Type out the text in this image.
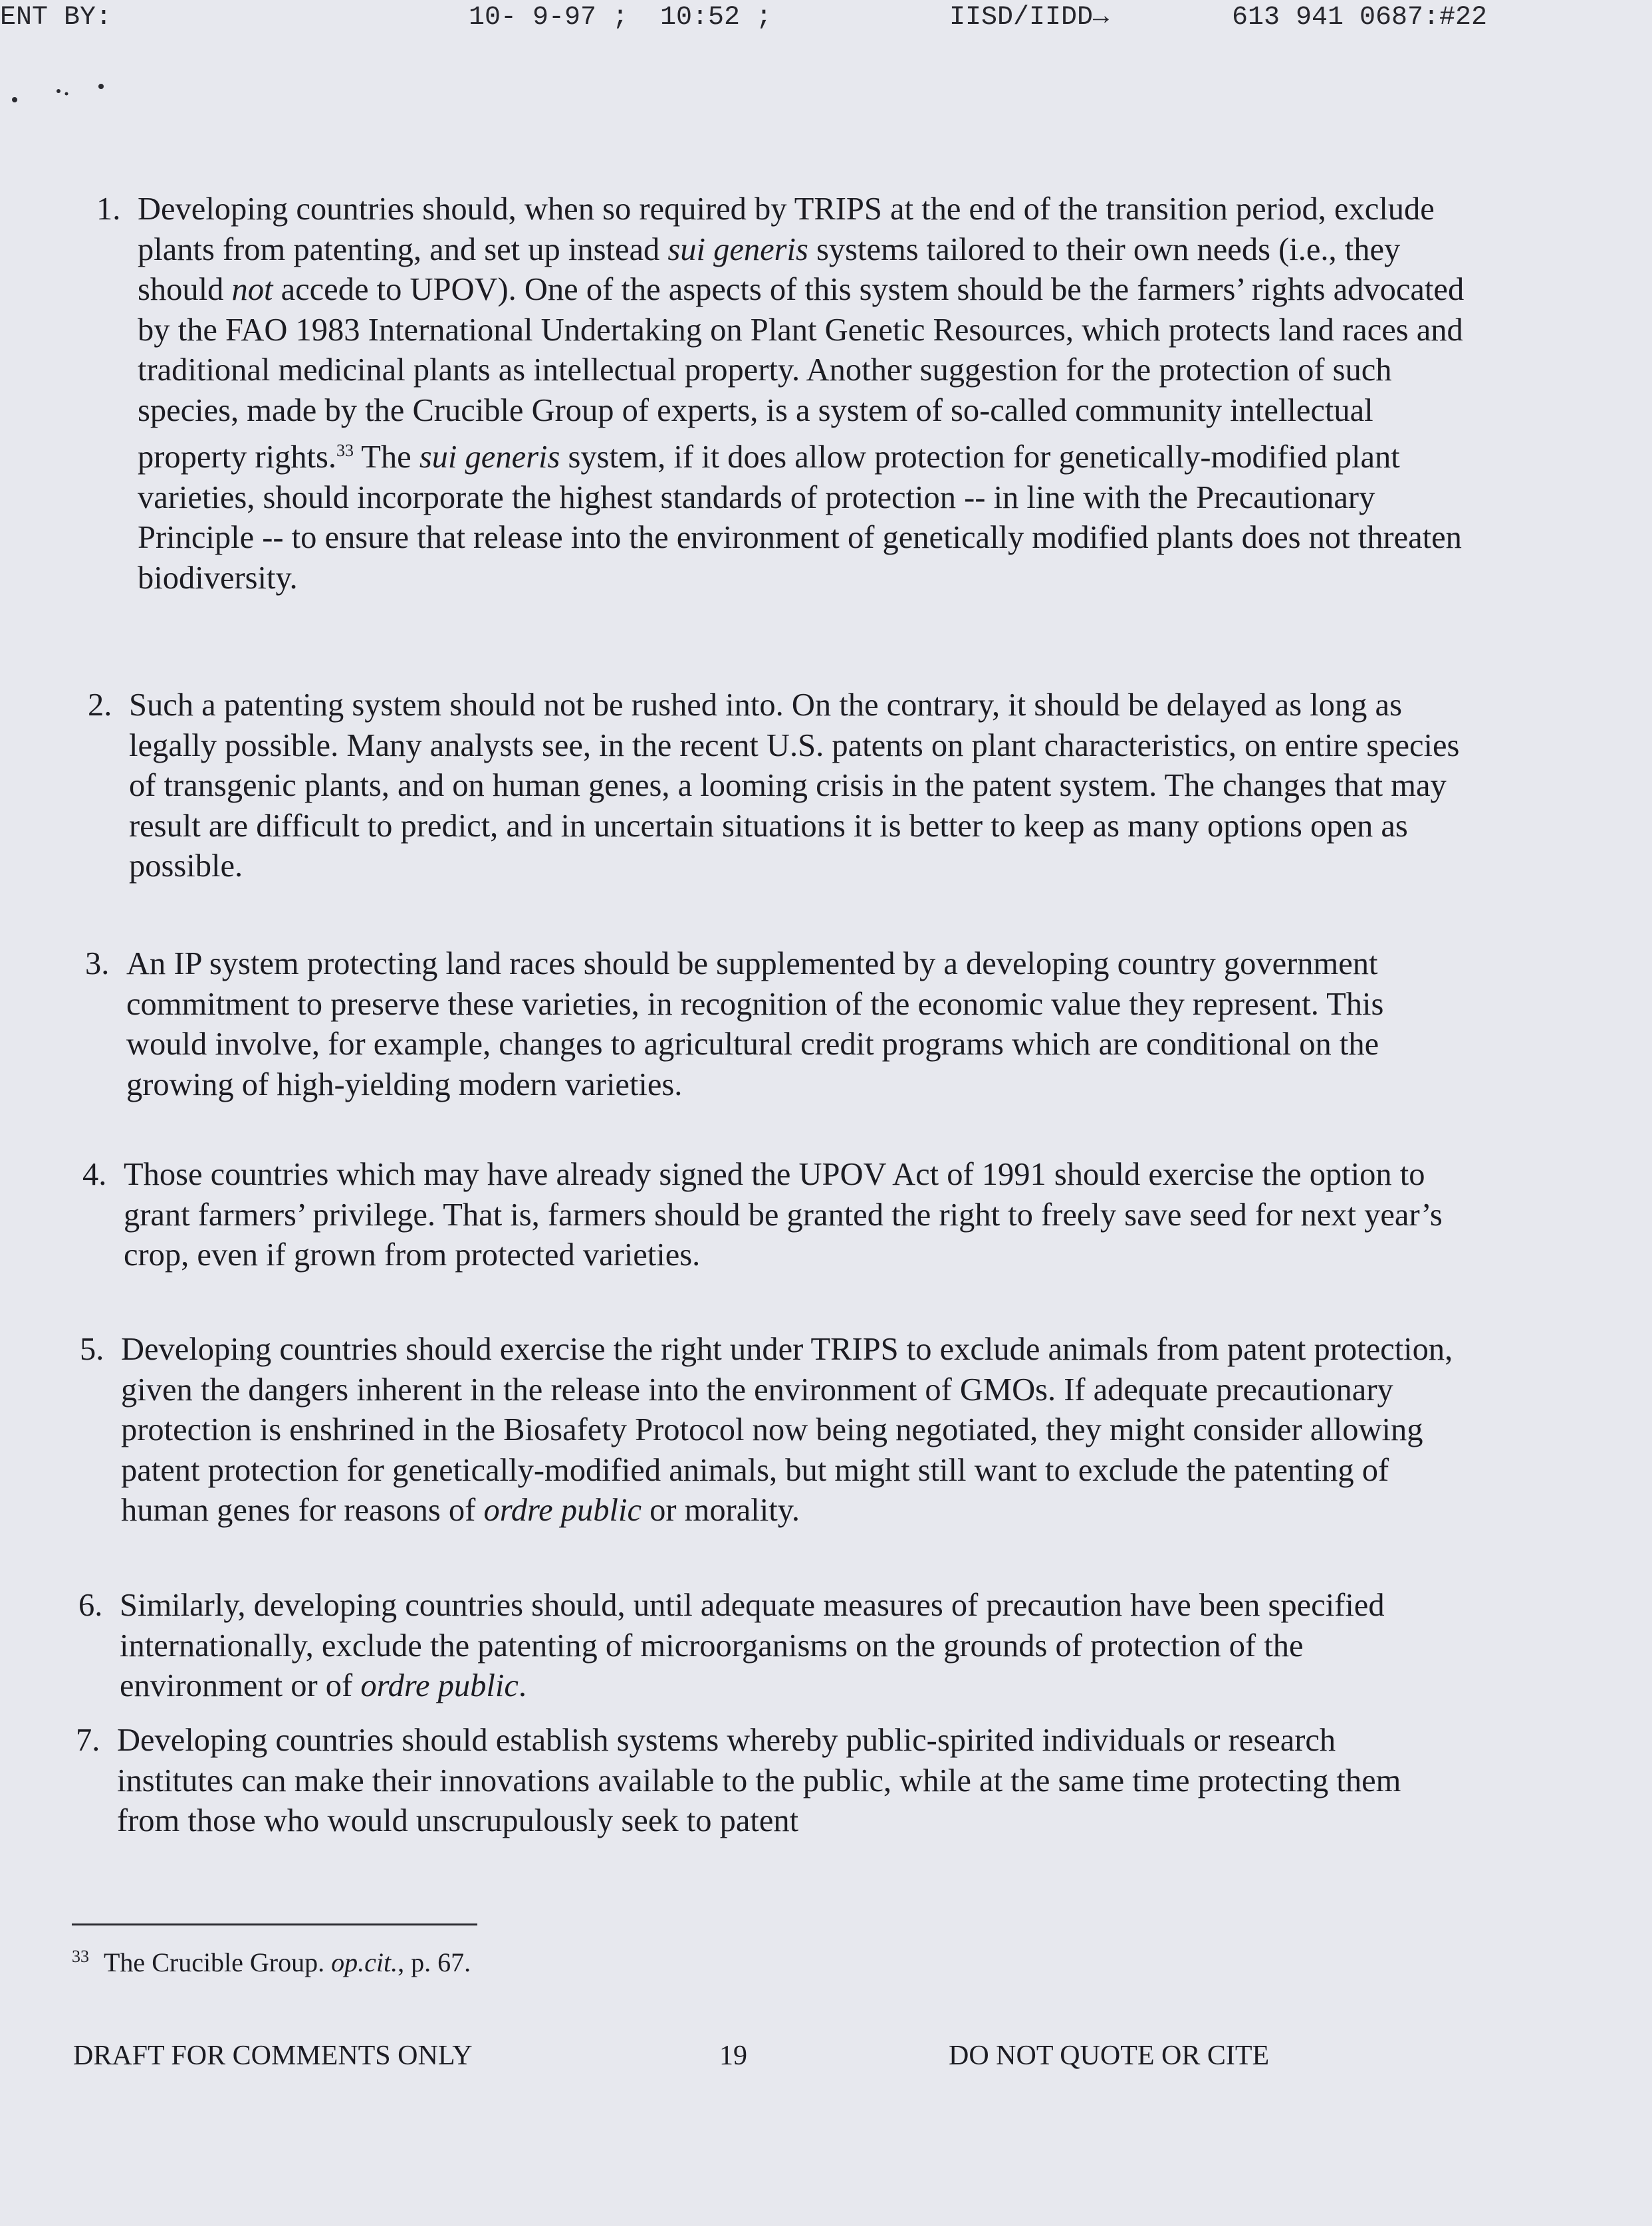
ENT BY:	10- 9-97 ; 10:52 ;	IISD/IIDD→	613 941 0687:#22
1. Developing countries should, when so required by TRIPS at the end of the transition period, exclude plants from patenting, and set up instead sui generis systems tailored to their own needs (i.e., they should not accede to UPOV). One of the aspects of this system should be the farmers’ rights advocated by the FAO 1983 International Undertaking on Plant Genetic Resources, which protects land races and traditional medicinal plants as intellectual property. Another suggestion for the protection of such species, made by the Crucible Group of experts, is a system of so-called community intellectual property rights.$^{33}$ The sui generis system, if it does allow protection for genetically-modified plant varieties, should incorporate the highest standards of protection -- in line with the Precautionary Principle -- to ensure that release into the environment of genetically modified plants does not threaten biodiversity.
2. Such a patenting system should not be rushed into. On the contrary, it should be delayed as long as legally possible. Many analysts see, in the recent U.S. patents on plant characteristics, on entire species of transgenic plants, and on human genes, a looming crisis in the patent system. The changes that may result are difficult to predict, and in uncertain situations it is better to keep as many options open as possible.
3. An IP system protecting land races should be supplemented by a developing country government commitment to preserve these varieties, in recognition of the economic value they represent. This would involve, for example, changes to agricultural credit programs which are conditional on the growing of high-yielding modern varieties.
4. Those countries which may have already signed the UPOV Act of 1991 should exercise the option to grant farmers’ privilege. That is, farmers should be granted the right to freely save seed for next year’s crop, even if grown from protected varieties.
5. Developing countries should exercise the right under TRIPS to exclude animals from patent protection, given the dangers inherent in the release into the environment of GMOs. If adequate precautionary protection is enshrined in the Biosafety Protocol now being negotiated, they might consider allowing patent protection for genetically-modified animals, but might still want to exclude the patenting of human genes for reasons of ordre public or morality.
6. Similarly, developing countries should, until adequate measures of precaution have been specified internationally, exclude the patenting of microorganisms on the grounds of protection of the environment or of ordre public.
7. Developing countries should establish systems whereby public-spirited individuals or research institutes can make their innovations available to the public, while at the same time protecting them from those who would unscrupulously seek to patent
$^{33}$ The Crucible Group. op.cit., p. 67.
DRAFT FOR COMMENTS ONLY	19	DO NOT QUOTE OR CITE
